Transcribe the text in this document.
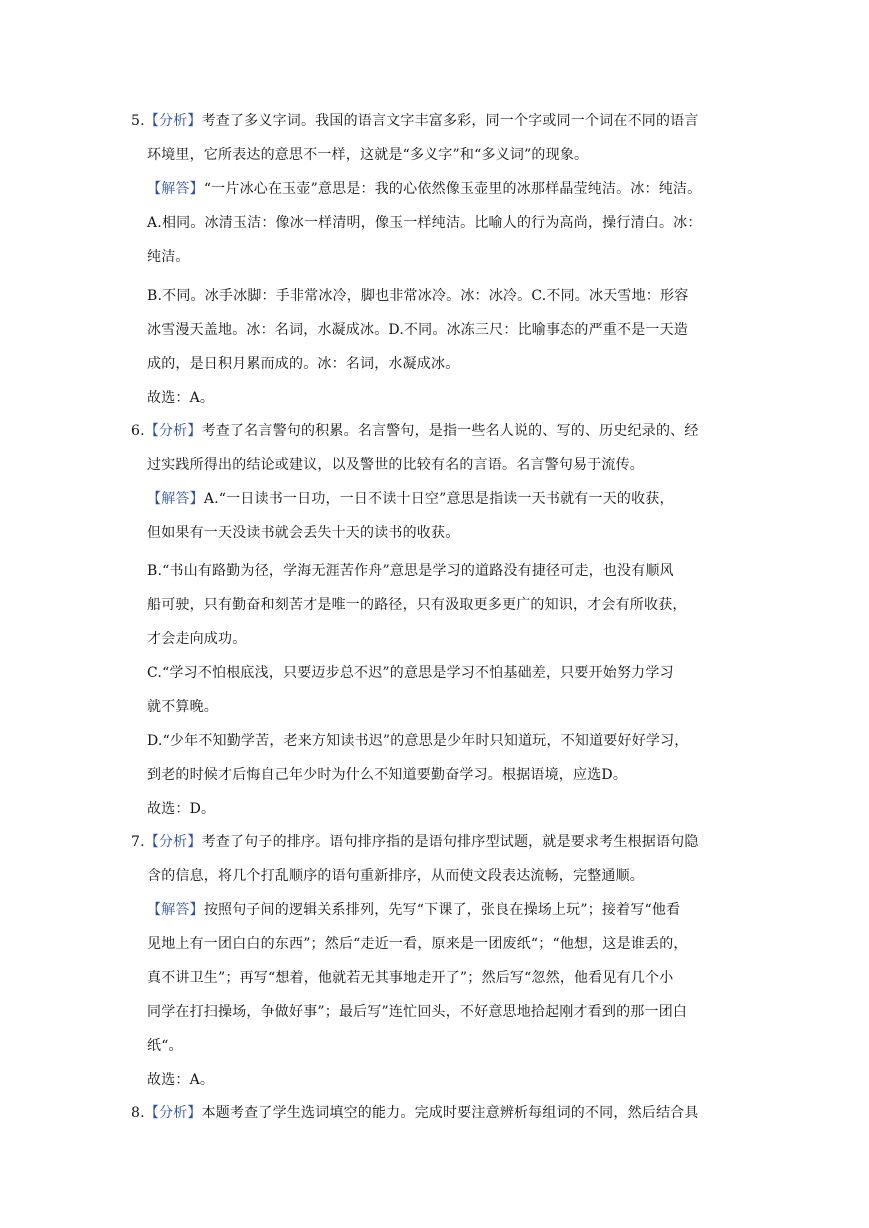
5.【分析】考查了多义字词。我国的语言文字丰富多彩，同一个字或同一个词在不同的语言
环境里，它所表达的意思不一样，这就是“多义字”和“多义词”的现象。
【解答】“一片冰心在玉壶”意思是：我的心依然像玉壶里的冰那样晶莹纯洁。冰：纯洁。
A.相同。冰清玉洁：像冰一样清明，像玉一样纯洁。比喻人的行为高尚，操行清白。冰：
纯洁。
B.不同。冰手冰脚：手非常冰冷，脚也非常冰冷。冰：冰冷。C.不同。冰天雪地：形容
冰雪漫天盖地。冰：名词，水凝成冰。D.不同。冰冻三尺：比喻事态的严重不是一天造
成的，是日积月累而成的。冰：名词，水凝成冰。
故选：A。
6.【分析】考查了名言警句的积累。名言警句，是指一些名人说的、写的、历史纪录的、经
过实践所得出的结论或建议，以及警世的比较有名的言语。名言警句易于流传。
【解答】A.“一日读书一日功，一日不读十日空”意思是指读一天书就有一天的收获，
但如果有一天没读书就会丢失十天的读书的收获。
B.“书山有路勤为径，学海无涯苦作舟”意思是学习的道路没有捷径可走，也没有顺风
船可驶，只有勤奋和刻苦才是唯一的路径，只有汲取更多更广的知识，才会有所收获，
才会走向成功。
C.“学习不怕根底浅，只要迈步总不迟”的意思是学习不怕基础差，只要开始努力学习
就不算晚。
D.“少年不知勤学苦，老来方知读书迟”的意思是少年时只知道玩，不知道要好好学习，
到老的时候才后悔自己年少时为什么不知道要勤奋学习。根据语境，应选D。
故选：D。
7.【分析】考查了句子的排序。语句排序指的是语句排序型试题，就是要求考生根据语句隐
含的信息，将几个打乱顺序的语句重新排序，从而使文段表达流畅，完整通顺。
【解答】按照句子间的逻辑关系排列，先写“下课了，张良在操场上玩”；接着写“他看
见地上有一团白白的东西”；然后“走近一看，原来是一团废纸“；“他想，这是谁丢的，
真不讲卫生”；再写“想着，他就若无其事地走开了”；然后写“忽然，他看见有几个小
同学在打扫操场，争做好事”；最后写”连忙回头，不好意思地拾起刚才看到的那一团白
纸“。
故选：A。
8.【分析】本题考查了学生选词填空的能力。完成时要注意辨析每组词的不同，然后结合具
